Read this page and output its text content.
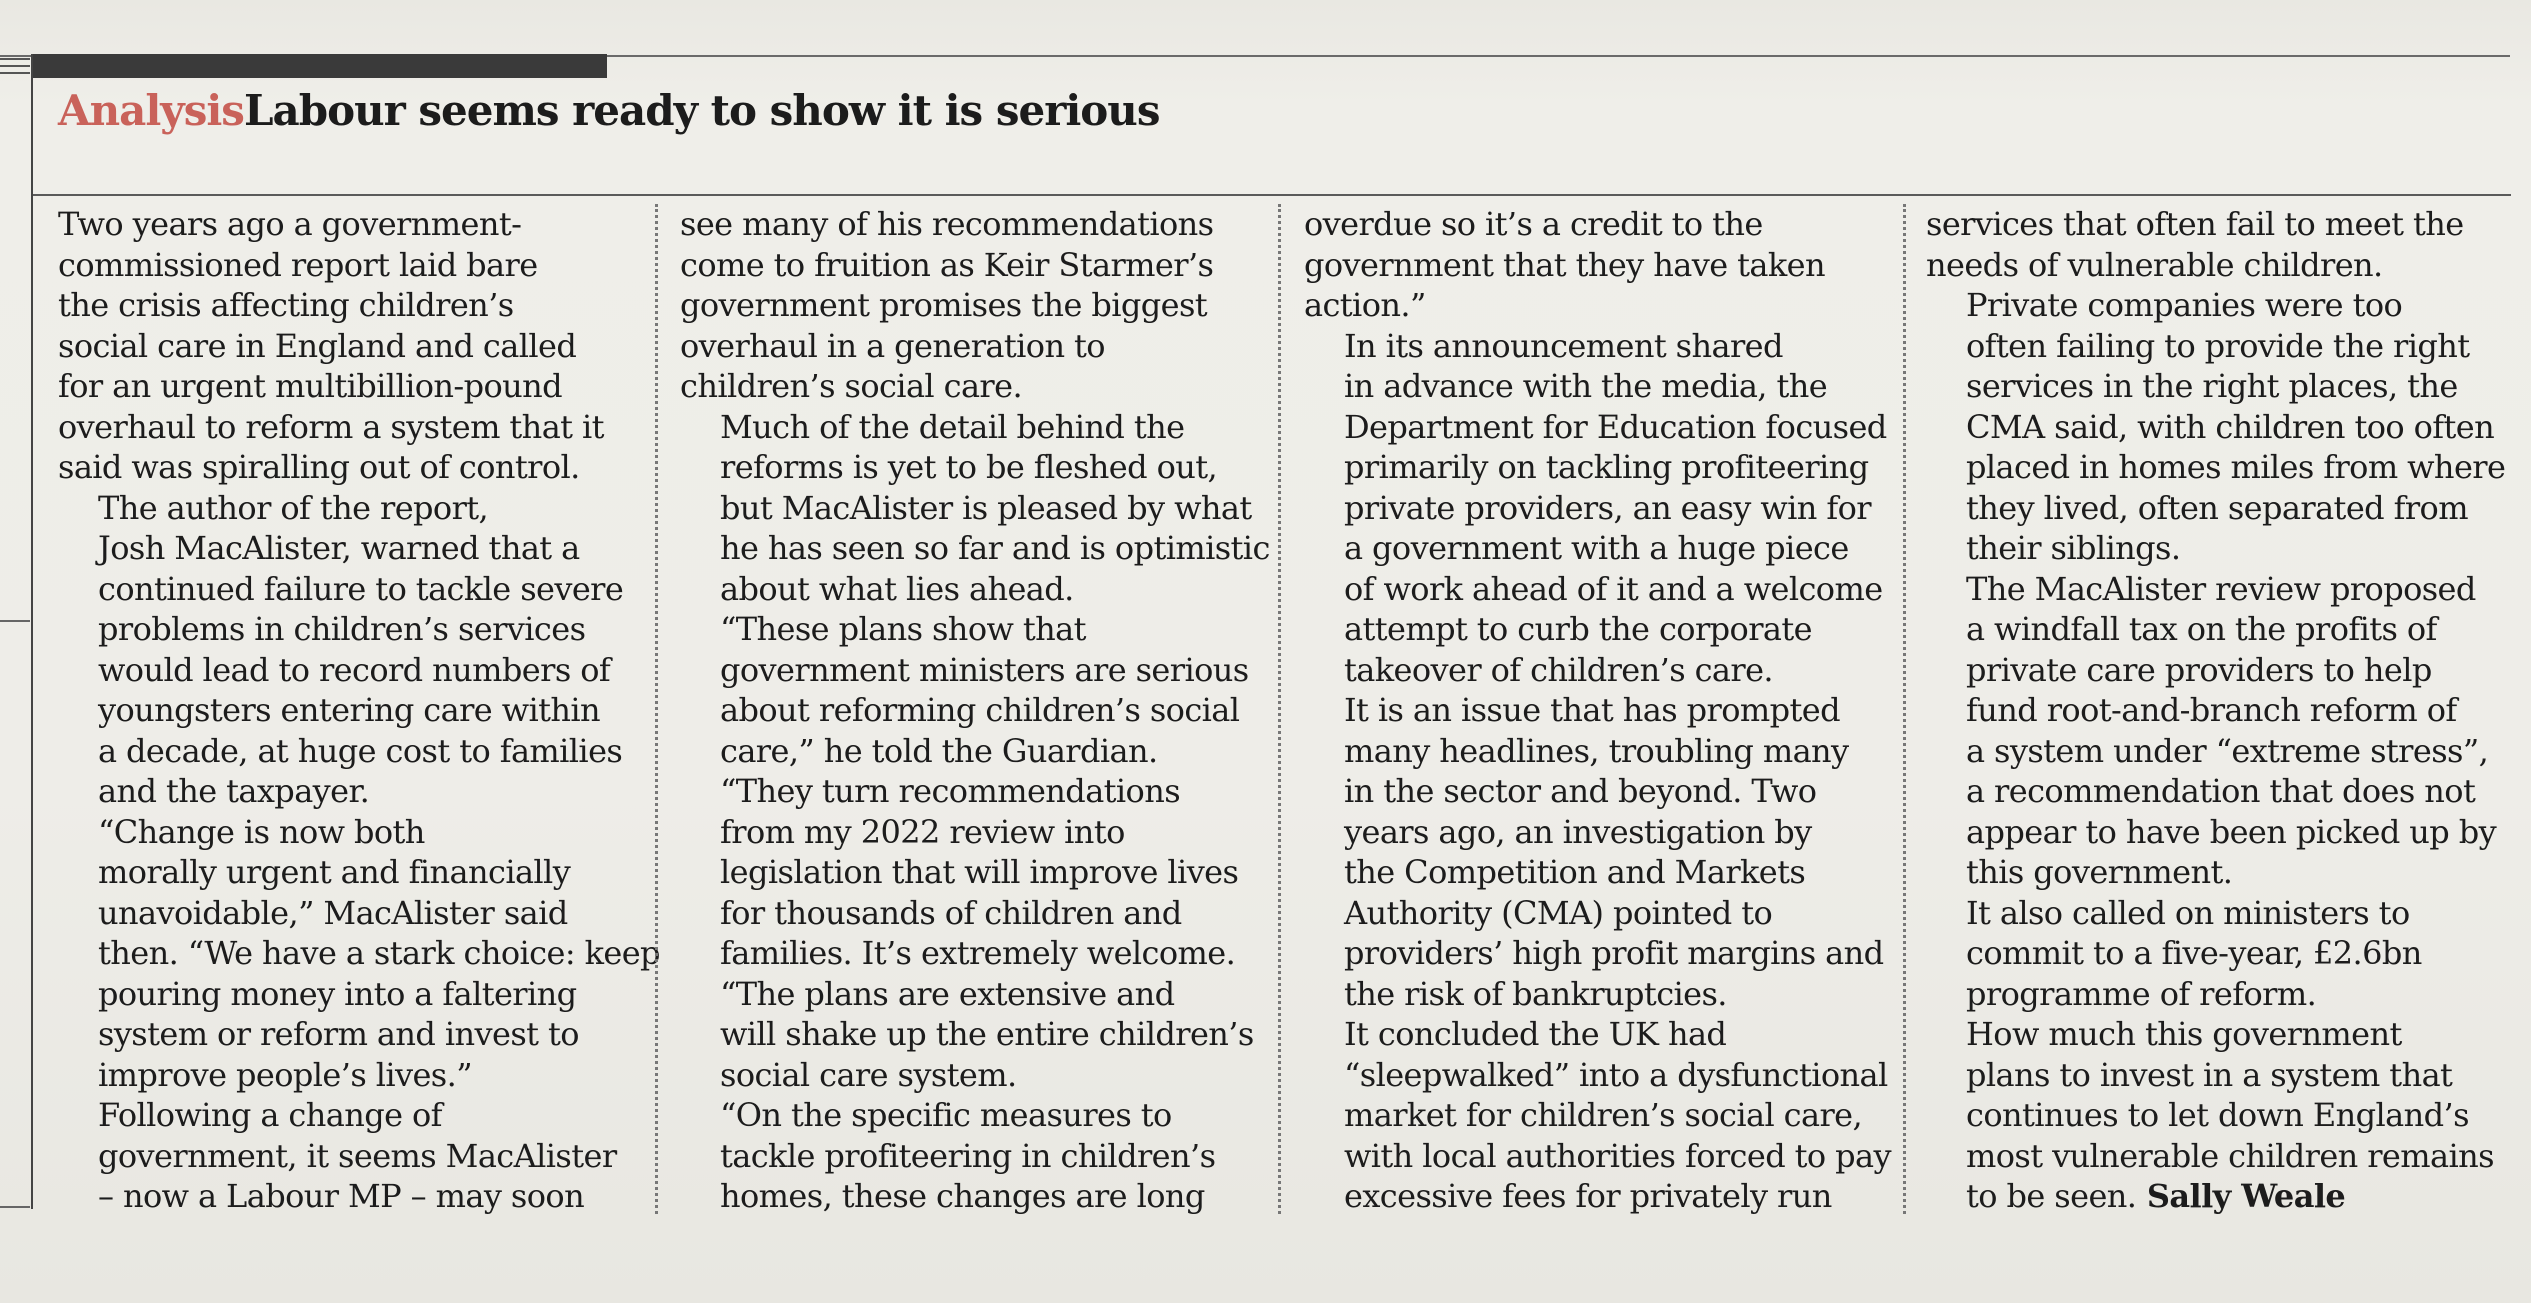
AnalysisLabour seems ready to show it is serious

Two years ago a government-
commissioned report laid bare
the crisis affecting children’s
social care in England and called
for an urgent multibillion-pound
overhaul to reform a system that it
said was spiralling out of control.

The author of the report,
Josh MacAlister, warned that a
continued failure to tackle severe
problems in children’s services
would lead to record numbers of
youngsters entering care within
a decade, at huge cost to families
and the taxpayer.

“Change is now both
morally urgent and financially
unavoidable,” MacAlister said
then. “We have a stark choice: keep
pouring money into a faltering
system or reform and invest to
improve people’s lives.”

Following a change of
government, it seems MacAlister
– now a Labour MP – may soon

see many of his recommendations
come to fruition as Keir Starmer’s
government promises the biggest
overhaul in a generation to
children’s social care.

Much of the detail behind the
reforms is yet to be fleshed out,
but MacAlister is pleased by what
he has seen so far and is optimistic
about what lies ahead.

“These plans show that
government ministers are serious
about reforming children’s social
care,” he told the Guardian.

“They turn recommendations
from my 2022 review into
legislation that will improve lives
for thousands of children and
families. It’s extremely welcome.

“The plans are extensive and
will shake up the entire children’s
social care system.

“On the specific measures to
tackle profiteering in children’s
homes, these changes are long

overdue so it’s a credit to the
government that they have taken
action.”

In its announcement shared
in advance with the media, the
Department for Education focused
primarily on tackling profiteering
private providers, an easy win for
a government with a huge piece
of work ahead of it and a welcome
attempt to curb the corporate
takeover of children’s care.

It is an issue that has prompted
many headlines, troubling many
in the sector and beyond. Two
years ago, an investigation by
the Competition and Markets
Authority (CMA) pointed to
providers’ high profit margins and
the risk of bankruptcies.

It concluded the UK had
“sleepwalked” into a dysfunctional
market for children’s social care,
with local authorities forced to pay
excessive fees for privately run

services that often fail to meet the
needs of vulnerable children.

Private companies were too
often failing to provide the right
services in the right places, the
CMA said, with children too often
placed in homes miles from where
they lived, often separated from
their siblings.

The MacAlister review proposed
a windfall tax on the profits of
private care providers to help
fund root-and-branch reform of
a system under “extreme stress”,
a recommendation that does not
appear to have been picked up by
this government.

It also called on ministers to
commit to a five-year, £2.6bn
programme of reform.

How much this government
plans to invest in a system that
continues to let down England’s
most vulnerable children remains
to be seen. Sally Weale
